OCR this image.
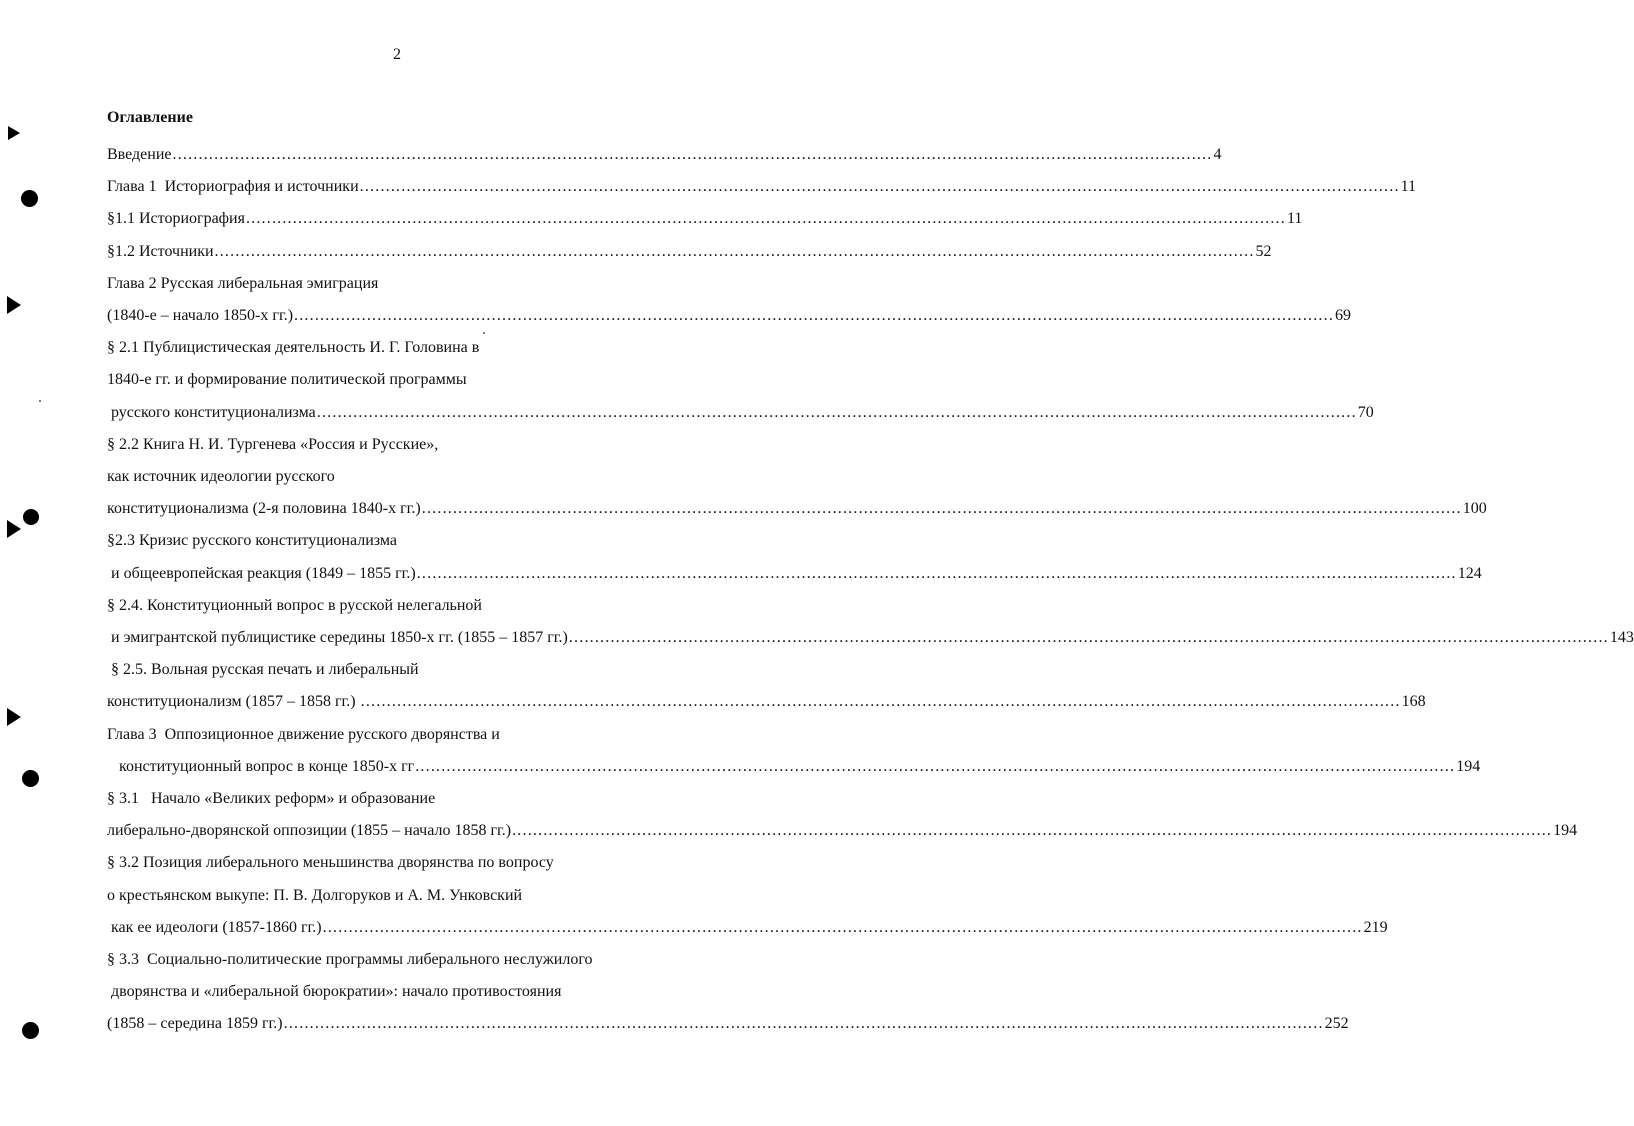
2
Оглавление
Введение ........................................................................................................................................................................................................ 4
Глава 1  Историография и источники ........................................................................................................................................................................................................ 11
§1.1 Историография ........................................................................................................................................................................................................ 11
§1.2 Источники ........................................................................................................................................................................................................ 52
Глава 2 Русская либеральная эмиграция
(1840-е – начало 1850-х гг.) ........................................................................................................................................................................................................ 69
§ 2.1 Публицистическая деятельность И. Г. Головина в
1840-е гг. и формирование политической программы
русского конституционализма ........................................................................................................................................................................................................ 70
§ 2.2 Книга Н. И. Тургенева «Россия и Русские»,
как источник идеологии русского
конституционализма (2-я половина 1840-х гг.) ........................................................................................................................................................................................................ 100
§2.3 Кризис русского конституционализма
и общеевропейская реакция (1849 – 1855 гг.) ........................................................................................................................................................................................................ 124
§ 2.4. Конституционный вопрос в русской нелегальной
и эмигрантской публицистике середины 1850-х гг. (1855 – 1857 гг.) ........................................................................................................................................................................................................ 143
§ 2.5. Вольная русская печать и либеральный
конституционализм (1857 – 1858 гг.) ........................................................................................................................................................................................................ 168
Глава 3  Оппозиционное движение русского дворянства и
конституционный вопрос в конце 1850-х гг ........................................................................................................................................................................................................ 194
§ 3.1   Начало «Великих реформ» и образование
либерально-дворянской оппозиции (1855 – начало 1858 гг.) ........................................................................................................................................................................................................ 194
§ 3.2 Позиция либерального меньшинства дворянства по вопросу
о крестьянском выкупе: П. В. Долгоруков и А. М. Унковский
как ее идеологи (1857-1860 гг.) ........................................................................................................................................................................................................ 219
§ 3.3  Социально-политические программы либерального неслужилого
дворянства и «либеральной бюрократии»: начало противостояния
(1858 – середина 1859 гг.) ........................................................................................................................................................................................................ 252
